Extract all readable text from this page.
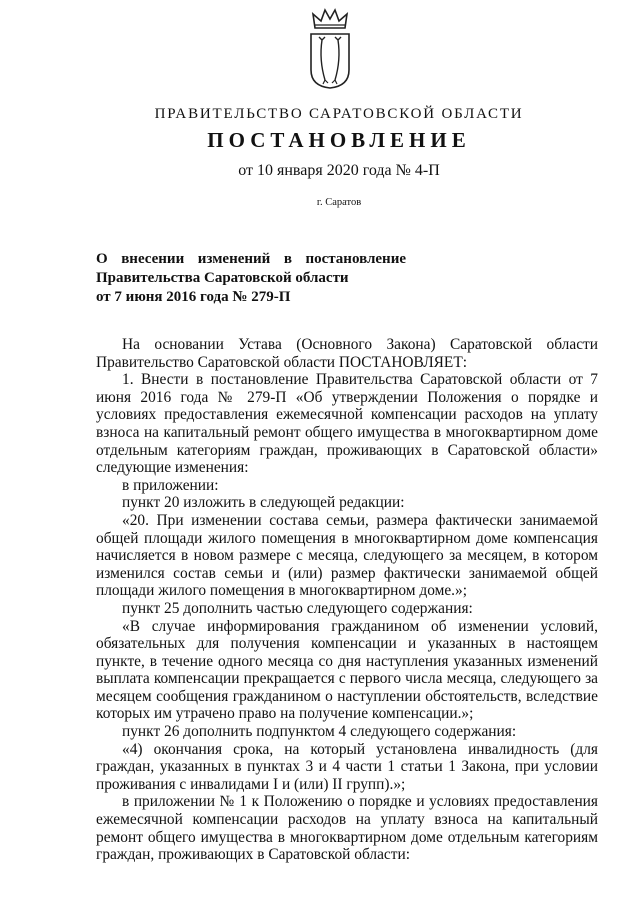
ПРАВИТЕЛЬСТВО САРАТОВСКОЙ ОБЛАСТИ
ПОСТАНОВЛЕНИЕ
от 10 января 2020 года № 4-П
г. Саратов
О внесении изменений в постановление
Правительства Саратовской области
от 7 июня 2016 года № 279-П

На основании Устава (Основного Закона) Саратовской области Правительство Саратовской области ПОСТАНОВЛЯЕТ:

1. Внести в постановление Правительства Саратовской области от 7 июня 2016 года № 279-П «Об утверждении Положения о порядке и условиях предоставления ежемесячной компенсации расходов на уплату взноса на капитальный ремонт общего имущества в многоквартирном доме отдельным категориям граждан, проживающих в Саратовской области» следующие изменения:

в приложении:

пункт 20 изложить в следующей редакции:

«20. При изменении состава семьи, размера фактически занимаемой общей площади жилого помещения в многоквартирном доме компенсация начисляется в новом размере с месяца, следующего за месяцем, в котором изменился состав семьи и (или) размер фактически занимаемой общей площади жилого помещения в многоквартирном доме.»;

пункт 25 дополнить частью следующего содержания:

«В случае информирования гражданином об изменении условий, обязательных для получения компенсации и указанных в настоящем пункте, в течение одного месяца со дня наступления указанных изменений выплата компенсации прекращается с первого числа месяца, следующего за месяцем сообщения гражданином о наступлении обстоятельств, вследствие которых им утрачено право на получение компенсации.»;

пункт 26 дополнить подпунктом 4 следующего содержания:

«4) окончания срока, на который установлена инвалидность (для граждан, указанных в пунктах 3 и 4 части 1 статьи 1 Закона, при условии проживания с инвалидами I и (или) II групп).»;

в приложении № 1 к Положению о порядке и условиях предоставления ежемесячной компенсации расходов на уплату взноса на капитальный ремонт общего имущества в многоквартирном доме отдельным категориям граждан, проживающих в Саратовской области:
